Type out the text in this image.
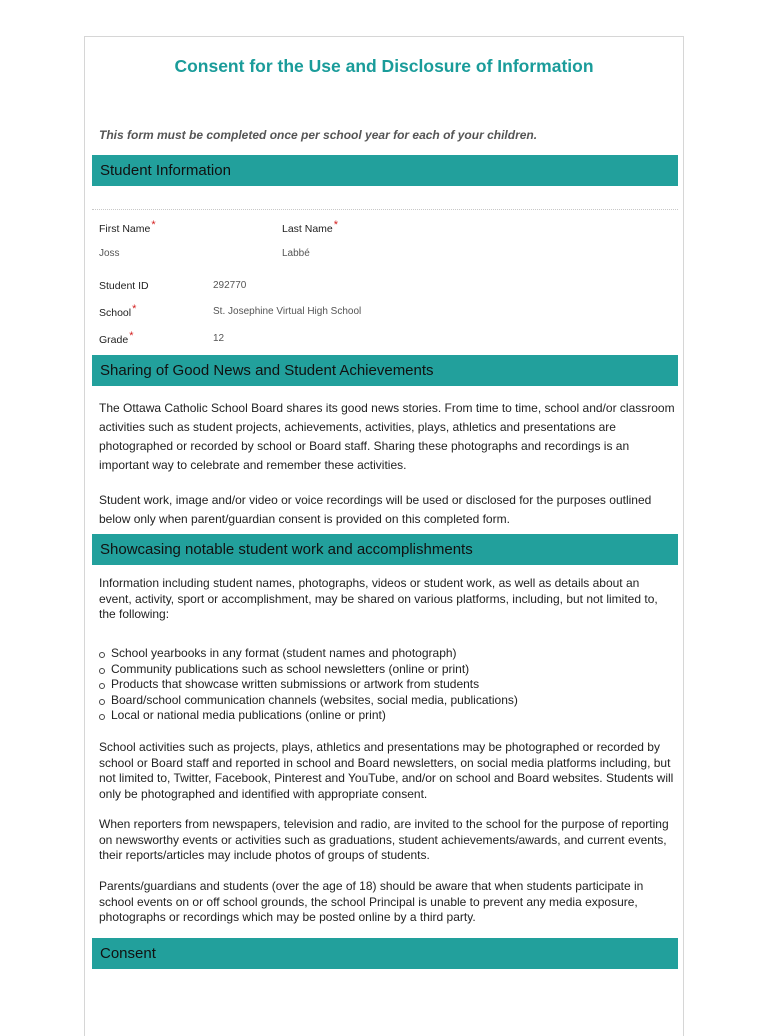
Consent for the Use and Disclosure of Information
This form must be completed once per school year for each of your children.
Student Information
First Name*
Joss
Last Name*
Labbé
Student ID	292770
School*	St. Josephine Virtual High School
Grade*	12
Sharing of Good News and Student Achievements
The Ottawa Catholic School Board shares its good news stories. From time to time, school and/or classroom activities such as student projects, achievements, activities, plays, athletics and presentations are photographed or recorded by school or Board staff. Sharing these photographs and recordings is an important way to celebrate and remember these activities.
Student work, image and/or video or voice recordings will be used or disclosed for the purposes outlined below only when parent/guardian consent is provided on this completed form.
Showcasing notable student work and accomplishments
Information including student names, photographs, videos or student work, as well as details about an event, activity, sport or accomplishment, may be shared on various platforms, including, but not limited to, the following:
School yearbooks in any format (student names and photograph)
Community publications such as school newsletters (online or print)
Products that showcase written submissions or artwork from students
Board/school communication channels (websites, social media, publications)
Local or national media publications (online or print)
School activities such as projects, plays, athletics and presentations may be photographed or recorded by school or Board staff and reported in school and Board newsletters, on social media platforms including, but not limited to, Twitter, Facebook, Pinterest and YouTube, and/or on school and Board websites. Students will only be photographed and identified with appropriate consent.
When reporters from newspapers, television and radio, are invited to the school for the purpose of reporting on newsworthy events or activities such as graduations, student achievements/awards, and current events, their reports/articles may include photos of groups of students.
Parents/guardians and students (over the age of 18) should be aware that when students participate in school events on or off school grounds, the school Principal is unable to prevent any media exposure, photographs or recordings which may be posted online by a third party.
Consent
